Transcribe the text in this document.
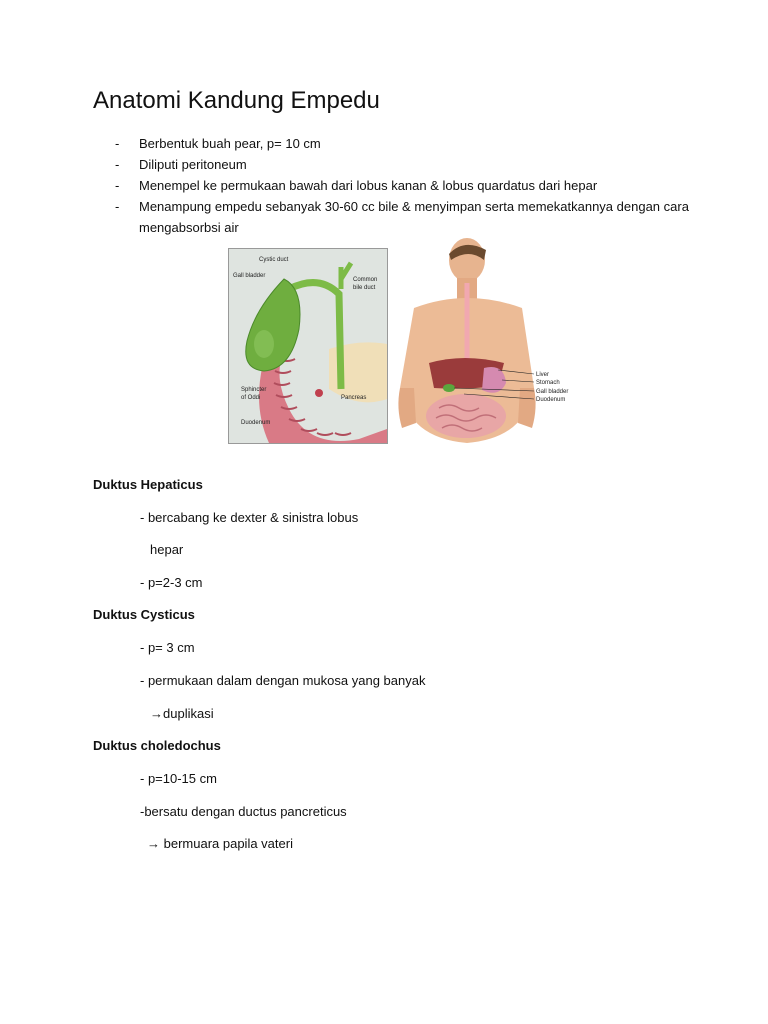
Anatomi Kandung Empedu
- Berbentuk buah pear, p= 10 cm
- Diliputi peritoneum
- Menempel ke permukaan bawah dari lobus kanan & lobus quardatus dari hepar
- Menampung empedu sebanyak 30-60 cc bile & menyimpan serta memekatkannya dengan cara mengabsorbsi air
Cystic duct
Gall bladder
Common
bile duct
Sphincter
of Oddi	Pancreas
Duodenum
Liver
Stomach
Gall bladder
Duodenum
Duktus Hepaticus
- bercabang ke dexter & sinistra lobus
hepar
- p=2-3 cm
Duktus Cysticus
- p= 3 cm
- permukaan dalam dengan mukosa yang banyak
→duplikasi
Duktus choledochus
- p=10-15 cm
-bersatu dengan ductus pancreticus
→ bermuara papila vateri
